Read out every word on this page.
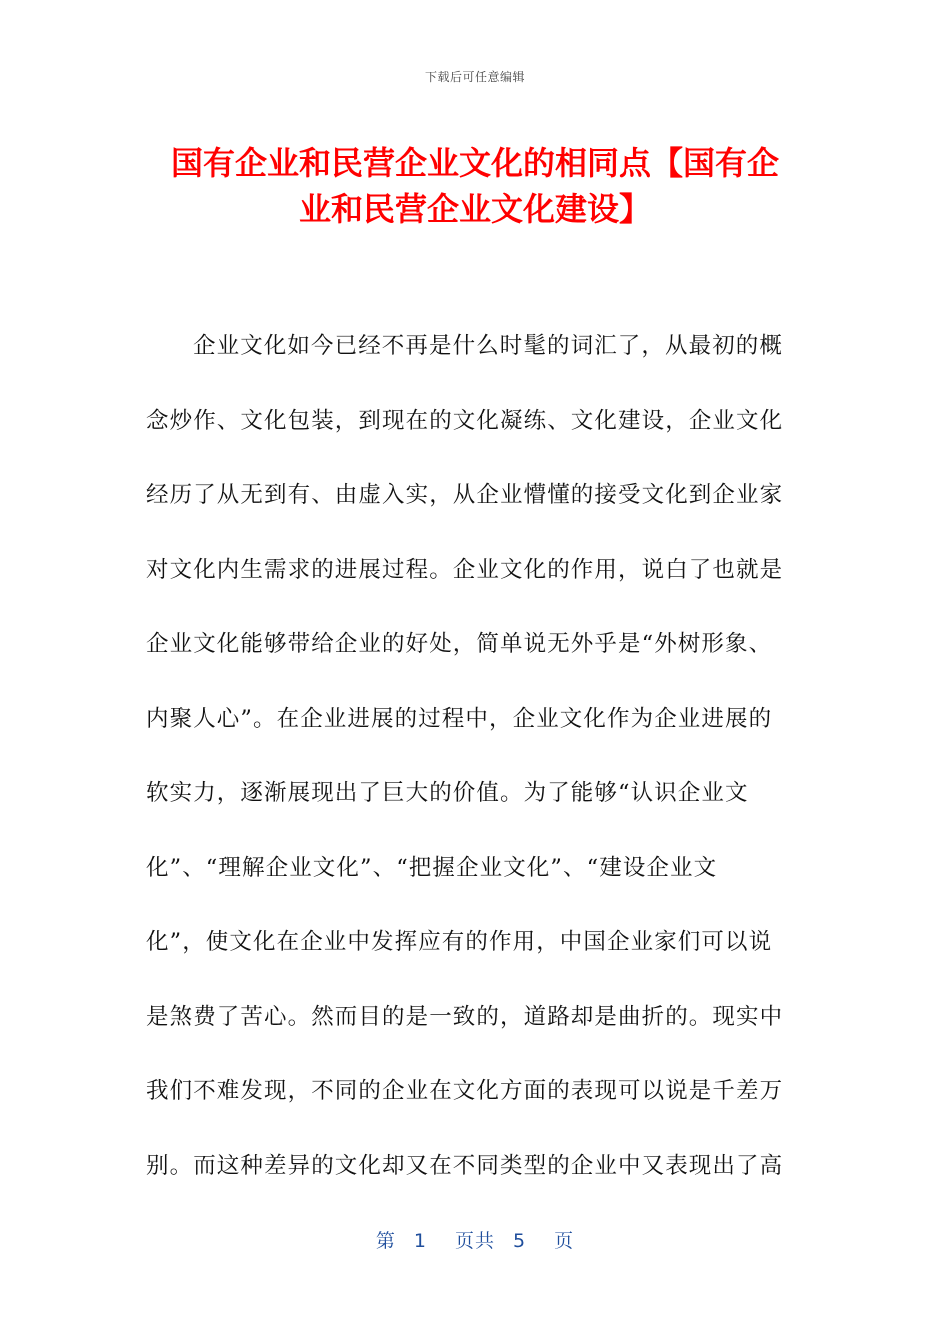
下载后可任意编辑
国有企业和民营企业文化的相同点【国有企
业和民营企业文化建设】
企业文化如今已经不再是什么时髦的词汇了，从最初的概
念炒作、文化包装，到现在的文化凝练、文化建设，企业文化
经历了从无到有、由虚入实，从企业懵懂的接受文化到企业家
对文化内生需求的进展过程。企业文化的作用，说白了也就是
企业文化能够带给企业的好处，简单说无外乎是“外树形象、
内聚人心”。在企业进展的过程中，企业文化作为企业进展的
软实力，逐渐展现出了巨大的价值。为了能够“认识企业文
化”、“理解企业文化”、“把握企业文化”、“建设企业文
化”，使文化在企业中发挥应有的作用，中国企业家们可以说
是煞费了苦心。然而目的是一致的，道路却是曲折的。现实中
我们不难发现，不同的企业在文化方面的表现可以说是千差万
别。而这种差异的文化却又在不同类型的企业中又表现出了高
第 1 页共 5 页
